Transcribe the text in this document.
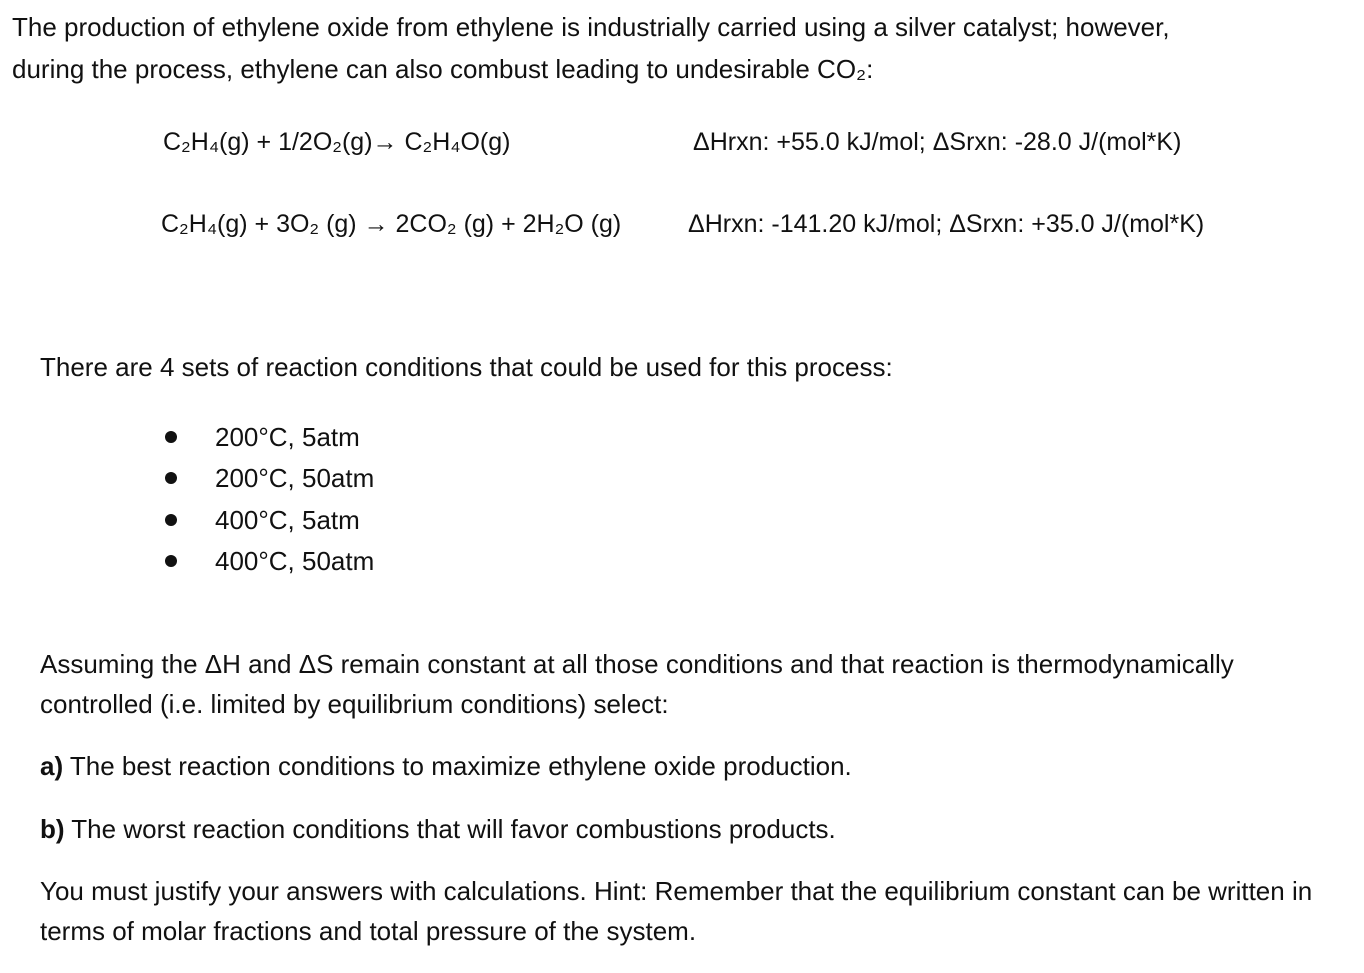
The production of ethylene oxide from ethylene is industrially carried using a silver catalyst; however,

during the process, ethylene can also combust leading to undesirable CO₂:

C₂H₄(g) + 1/2O₂(g)→ C₂H₄O(g)	ΔHrxn: +55.0 kJ/mol; ΔSrxn: -28.0 J/(mol*K)
C₂H₄(g) + 3O₂ (g) → 2CO₂ (g) + 2H₂O (g)	ΔHrxn: -141.20 kJ/mol; ΔSrxn: +35.0 J/(mol*K)
There are 4 sets of reaction conditions that could be used for this process:
200°C, 5atm
200°C, 50atm
400°C, 5atm
400°C, 50atm
Assuming the ΔH and ΔS remain constant at all those conditions and that reaction is thermodynamically controlled (i.e. limited by equilibrium conditions) select:
a) The best reaction conditions to maximize ethylene oxide production.
b) The worst reaction conditions that will favor combustions products.
You must justify your answers with calculations. Hint: Remember that the equilibrium constant can be written in terms of molar fractions and total pressure of the system.
